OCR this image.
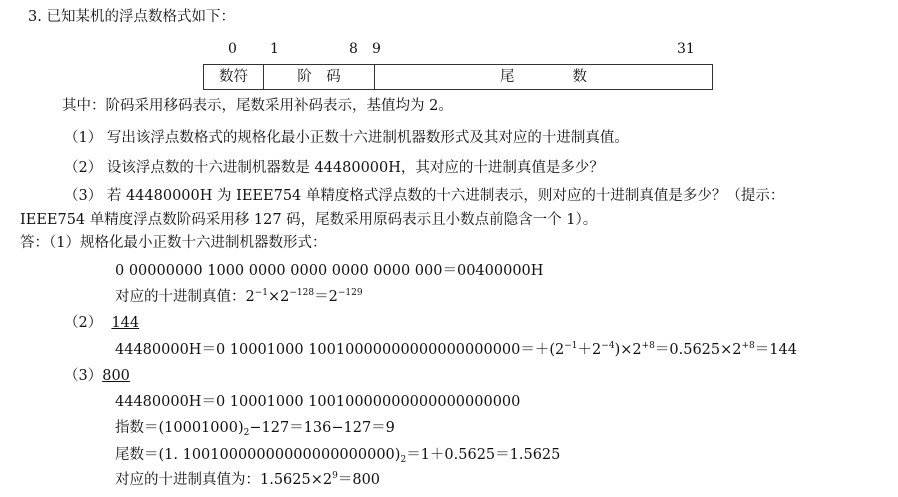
3. 已知某机的浮点数格式如下：
0 1	8 9	31
数符	阶　码	尾　　　　数
其中：阶码采用移码表示，尾数采用补码表示，基值均为 2。
（1） 写出该浮点数格式的规格化最小正数十六进制机器数形式及其对应的十进制真值。
（2） 设该浮点数的十六进制机器数是 44480000H，其对应的十进制真值是多少？
（3） 若 44480000H 为 IEEE754 单精度格式浮点数的十六进制表示，则对应的十进制真值是多少？（提示：
IEEE754 单精度浮点数阶码采用移 127 码，尾数采用原码表示且小数点前隐含一个 1）。
答：（1）规格化最小正数十六进制机器数形式：
0 00000000 1000 0000 0000 0000 0000 000＝00400000H
对应的十进制真值：$2^{-1}\times 2^{-128}=2^{-129}$
（2） 144
44480000H＝0 10001000 $10010000000000000000000=+(2^{-1}+2^{-4})\times 2^{+8}=0.5625\times 2^{+8}=144$
（3）800
44480000H＝0 10001000 10010000000000000000000
指数$=(10001000)_2-127=136-127=9$
尾数＝(1. $10010000000000000000000)_2=1+0.5625=1.5625$
对应的十进制真值为：$1.5625\times 2^9=800$
